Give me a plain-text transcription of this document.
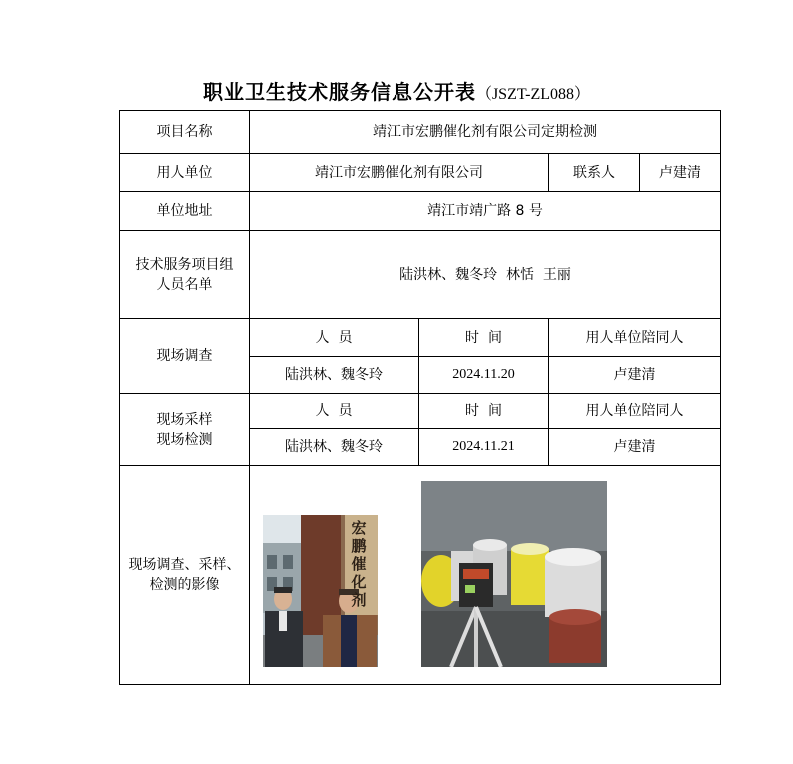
职业卫生技术服务信息公开表（JSZT-ZL088）
项目名称	靖江市宏鹏催化剂有限公司定期检测			
用人单位	靖江市宏鹏催化剂有限公司		联系人	卢建清
单位地址	靖江市靖广路 8 号			

技术服务项目组
人员名单	陆洪林、魏冬玲  林恬  王丽			
现场调查	人  员	时  间	用人单位陪同人	
	陆洪林、魏冬玲	2024.11.20	卢建清	

现场采样
现场检测	人  员	时  间	用人单位陪同人	
	陆洪林、魏冬玲	2024.11.21	卢建清	

现场调查、采样、
检测的影像	宏鹏催化剂			
